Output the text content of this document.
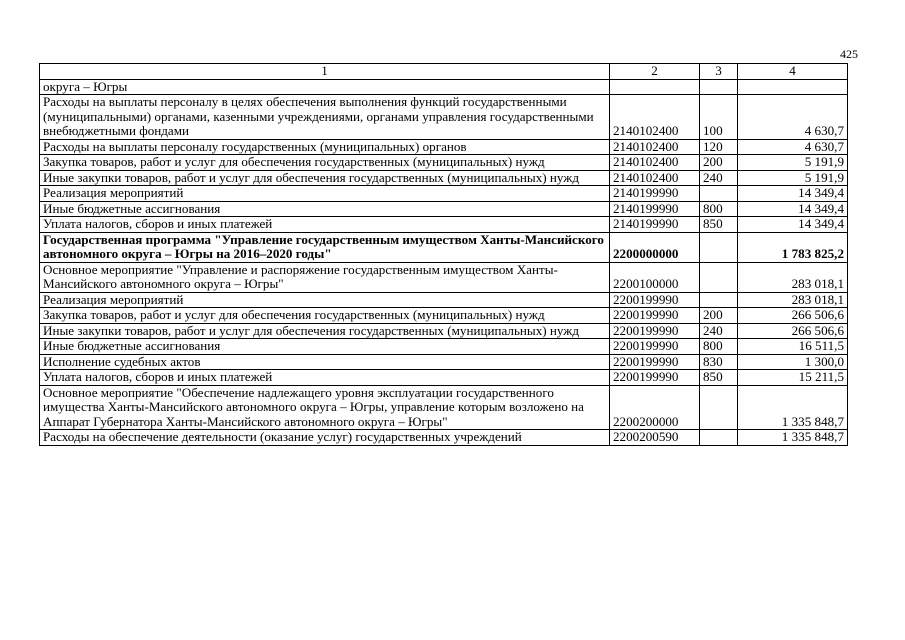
425
1	2	3	4
округа – Югры			
Расходы на выплаты персоналу в целях обеспечения выполнения функций государственными (муниципальными) органами, казенными учреждениями, органами управления государственными внебюджетными фондами	2140102400	100	4 630,7
Расходы на выплаты персоналу государственных (муниципальных) органов	2140102400	120	4 630,7
Закупка товаров, работ и услуг для обеспечения государственных (муниципальных) нужд	2140102400	200	5 191,9
Иные закупки товаров, работ и услуг для обеспечения государственных (муниципальных) нужд	2140102400	240	5 191,9
Реализация мероприятий	2140199990		14 349,4
Иные бюджетные ассигнования	2140199990	800	14 349,4
Уплата налогов, сборов и иных платежей	2140199990	850	14 349,4
Государственная программа "Управление государственным имуществом Ханты-Мансийского автономного округа – Югры на 2016–2020 годы"	2200000000		1 783 825,2
Основное мероприятие "Управление и распоряжение государственным имуществом Ханты-Мансийского автономного округа – Югры"	2200100000		283 018,1
Реализация мероприятий	2200199990		283 018,1
Закупка товаров, работ и услуг для обеспечения государственных (муниципальных) нужд	2200199990	200	266 506,6
Иные закупки товаров, работ и услуг для обеспечения государственных (муниципальных) нужд	2200199990	240	266 506,6
Иные бюджетные ассигнования	2200199990	800	16 511,5
Исполнение судебных актов	2200199990	830	1 300,0
Уплата налогов, сборов и иных платежей	2200199990	850	15 211,5
Основное мероприятие "Обеспечение надлежащего уровня эксплуатации государственного имущества Ханты-Мансийского автономного округа – Югры, управление которым возложено на Аппарат Губернатора Ханты-Мансийского автономного округа – Югры"	2200200000		1 335 848,7
Расходы на обеспечение деятельности (оказание услуг) государственных учреждений	2200200590		1 335 848,7
